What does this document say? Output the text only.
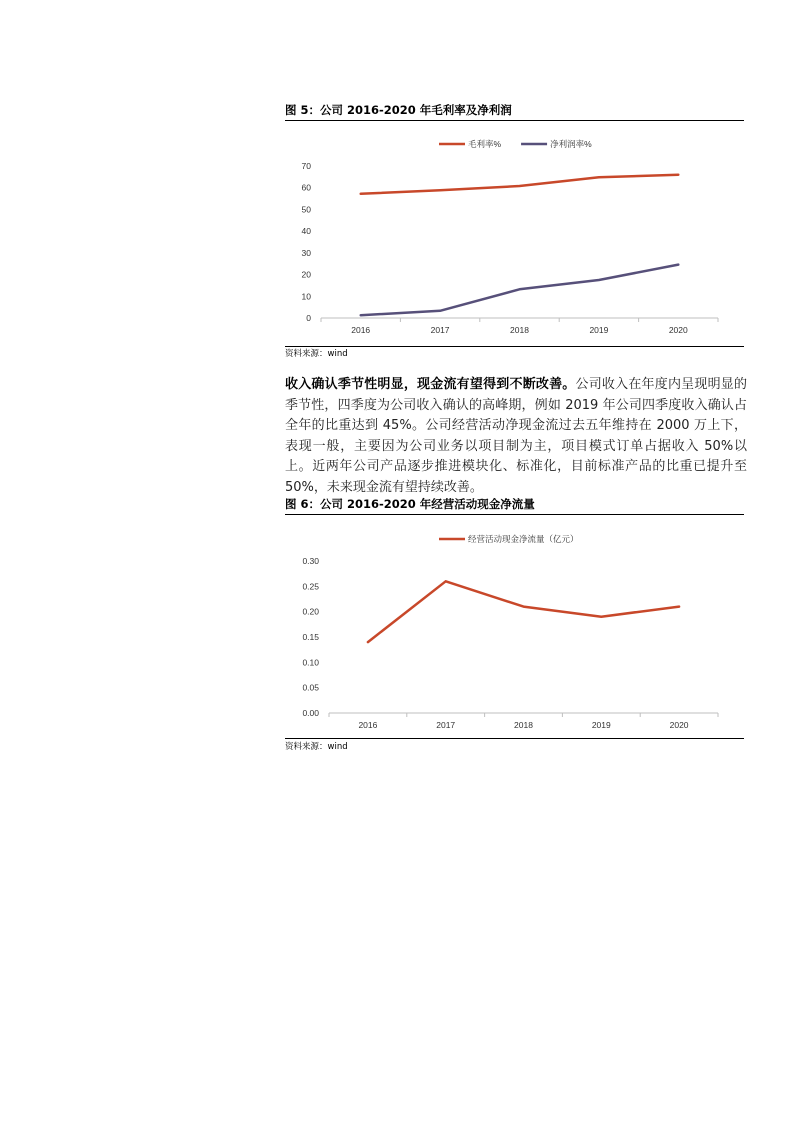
图 5：公司 2016-2020 年毛利率及净利润
2016	2017	2018	2019	2020
0
10
20
30
40
50
60
70
毛利率%	净利润率%
资料来源：wind

收入确认季节性明显，现金流有望得到不断改善。公司收入在年度内呈现明显的季节性，四季度为公司收入确认的高峰期，例如 2019 年公司四季度收入确认占全年的比重达到 45%。公司经营活动净现金流过去五年维持在 2000 万上下，表现一般，主要因为公司业务以项目制为主，项目模式订单占据收入 50%以上。近两年公司产品逐步推进模块化、标准化，目前标准产品的比重已提升至 50%，未来现金流有望持续改善。

图 6：公司 2016-2020 年经营活动现金净流量
2016	2017	2018	2019	2020
0.00
0.05
0.10
0.15
0.20
0.25
0.30
经营活动现金净流量（亿元）
资料来源：wind
